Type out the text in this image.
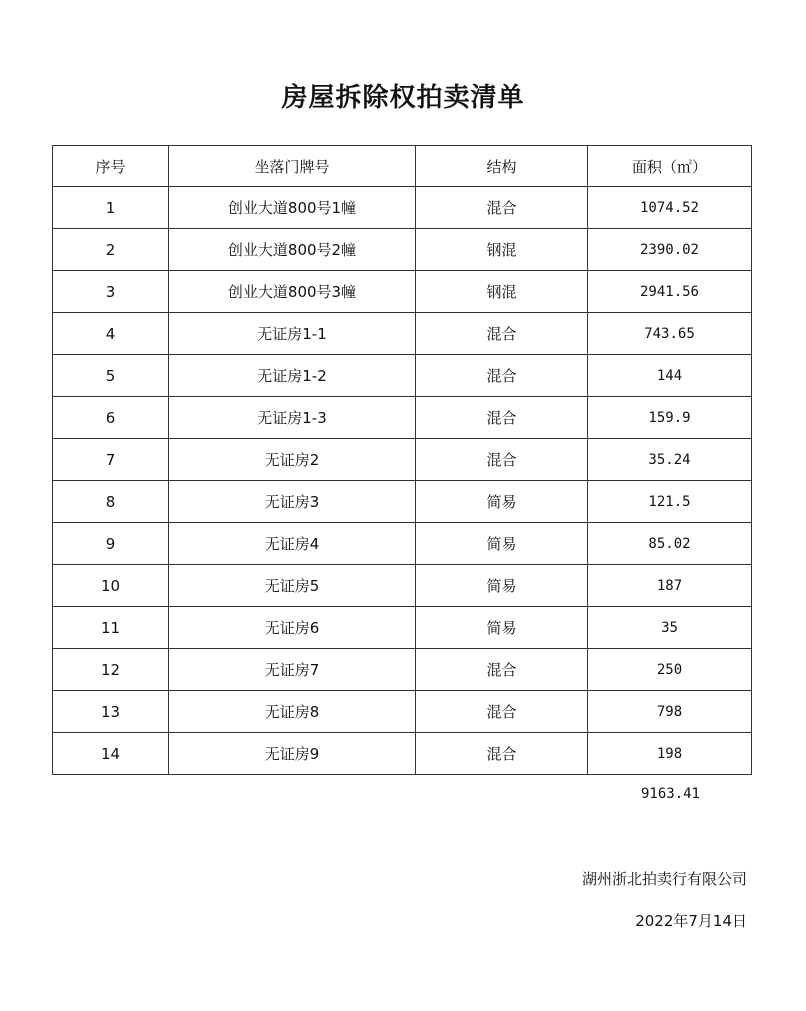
房屋拆除权拍卖清单
序号	坐落门牌号	结构	面积（㎡）
1	创业大道800号1幢	混合	1074.52
2	创业大道800号2幢	钢混	2390.02
3	创业大道800号3幢	钢混	2941.56
4	无证房1-1	混合	743.65
5	无证房1-2	混合	144
6	无证房1-3	混合	159.9
7	无证房2	混合	35.24
8	无证房3	简易	121.5
9	无证房4	简易	85.02
10	无证房5	简易	187
11	无证房6	简易	35
12	无证房7	混合	250
13	无证房8	混合	798
14	无证房9	混合	198
9163.41
湖州浙北拍卖行有限公司
2022年7月14日
